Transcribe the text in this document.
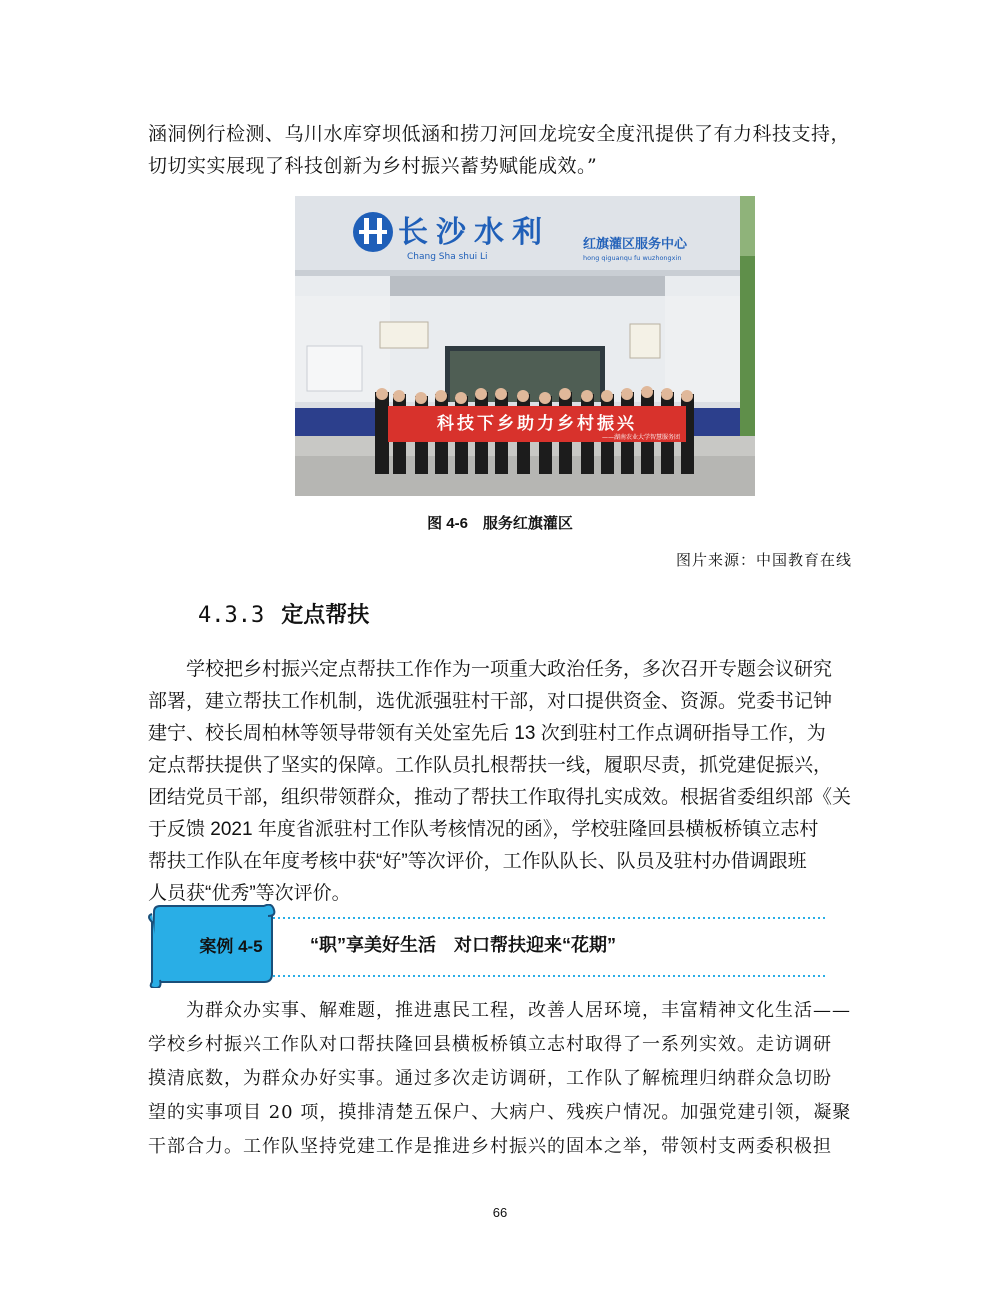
涵洞例行检测、乌川水库穿坝低涵和捞刀河回龙垸安全度汛提供了有力科技支持，

切切实实展现了科技创新为乡村振兴蓄势赋能成效。”

长沙水利
Chang Sha shui Li
红旗灌区服务中心
hong qiguanqu fu wuzhongxin
科技下乡助力乡村振兴
——湖南农业大学智慧服务团
图 4-6　服务红旗灌区
图片来源：中国教育在线
4.3.3 定点帮扶

学校把乡村振兴定点帮扶工作作为一项重大政治任务，多次召开专题会议研究

部署，建立帮扶工作机制，选优派强驻村干部，对口提供资金、资源。党委书记钟

建宁、校长周柏林等领导带领有关处室先后 13 次到驻村工作点调研指导工作，为

定点帮扶提供了坚实的保障。工作队员扎根帮扶一线，履职尽责，抓党建促振兴，

团结党员干部，组织带领群众，推动了帮扶工作取得扎实成效。根据省委组织部《关

于反馈 2021 年度省派驻村工作队考核情况的函》，学校驻隆回县横板桥镇立志村

帮扶工作队在年度考核中获“好”等次评价，工作队队长、队员及驻村办借调跟班

人员获“优秀”等次评价。

案例 4-5	“职”享美好生活　对口帮扶迎来“花期”

为群众办实事、解难题，推进惠民工程，改善人居环境，丰富精神文化生活——

学校乡村振兴工作队对口帮扶隆回县横板桥镇立志村取得了一系列实效。走访调研

摸清底数，为群众办好实事。通过多次走访调研，工作队了解梳理归纳群众急切盼

望的实事项目 20 项，摸排清楚五保户、大病户、残疾户情况。加强党建引领，凝聚

干部合力。工作队坚持党建工作是推进乡村振兴的固本之举，带领村支两委积极担

66
